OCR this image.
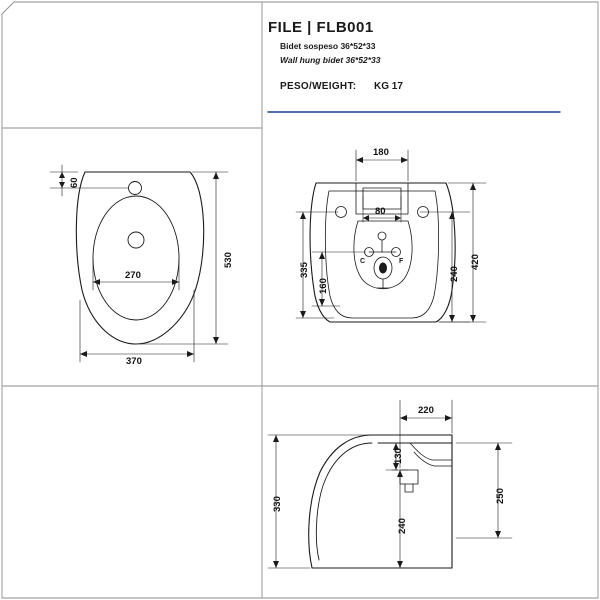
FILE | FLB001
Bidet sospeso 36*52*33
Wall hung bidet 36*52*33
PESO/WEIGHT: KG 17
60
270
370
530
180
80
335
160
240
420
C	F
220
130
330
240
250
